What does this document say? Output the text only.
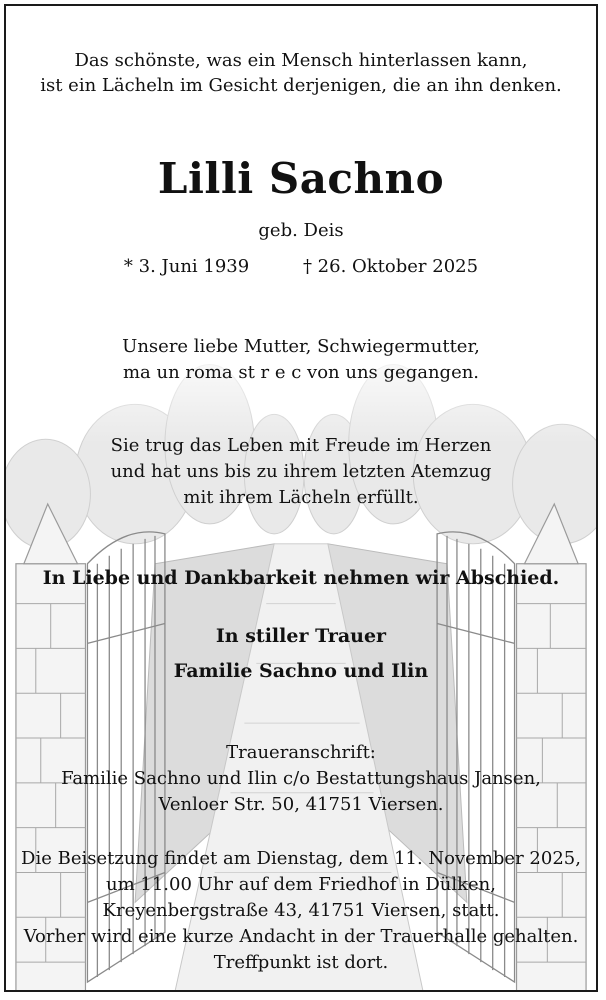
Das schönste, was ein Mensch hinterlassen kann,
ist ein Lächeln im Gesicht derjenigen, die an ihn denken.
Lilli Sachno
geb. Deis
* 3. Juni 1939	† 26. Oktober 2025
Unsere liebe Mutter, Schwiegermutter,
ma un roma st r e c von uns gegangen.
Sie trug das Leben mit Freude im Herzen
und hat uns bis zu ihrem letzten Atemzug
mit ihrem Lächeln erfüllt.
In Liebe und Dankbarkeit nehmen wir Abschied.
In stiller Trauer
Familie Sachno und Ilin
Traueranschrift:
Familie Sachno und Ilin c/o Bestattungshaus Jansen,
Venloer Str. 50, 41751 Viersen.
Die Beisetzung findet am Dienstag, dem 11. November 2025,
um 11.00 Uhr auf dem Friedhof in Dülken,
Kreyenbergstraße 43, 41751 Viersen, statt.
Vorher wird eine kurze Andacht in der Trauerhalle gehalten.
Treffpunkt ist dort.
